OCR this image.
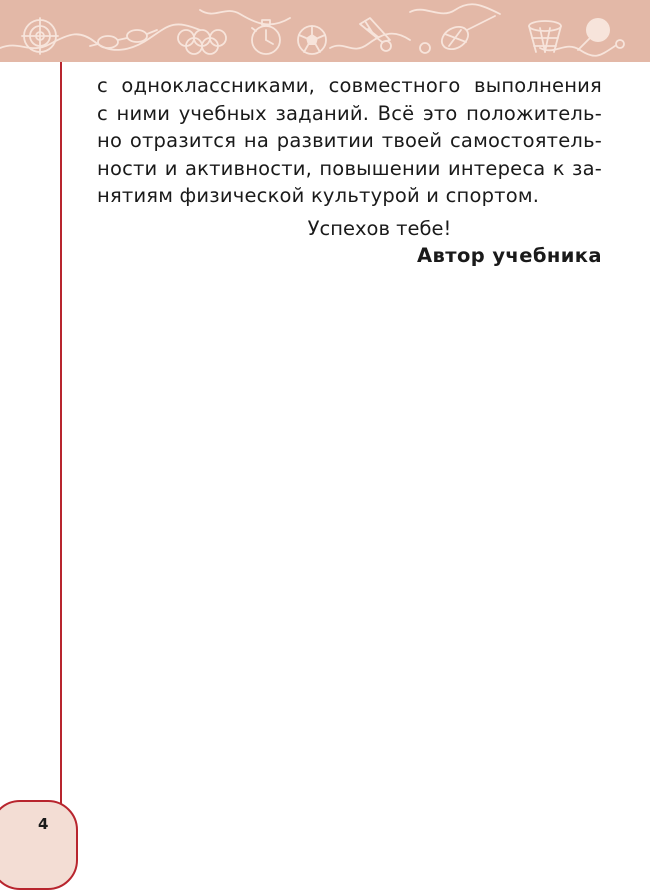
с одноклассниками, совместного выполнения
с ними учебных заданий. Всё это положитель-
но отразится на развитии твоей самостоятель-
ности и активности, повышении интереса к за-
нятиям физической культурой и спортом.
Успехов тебе!
Автор учебника
4
